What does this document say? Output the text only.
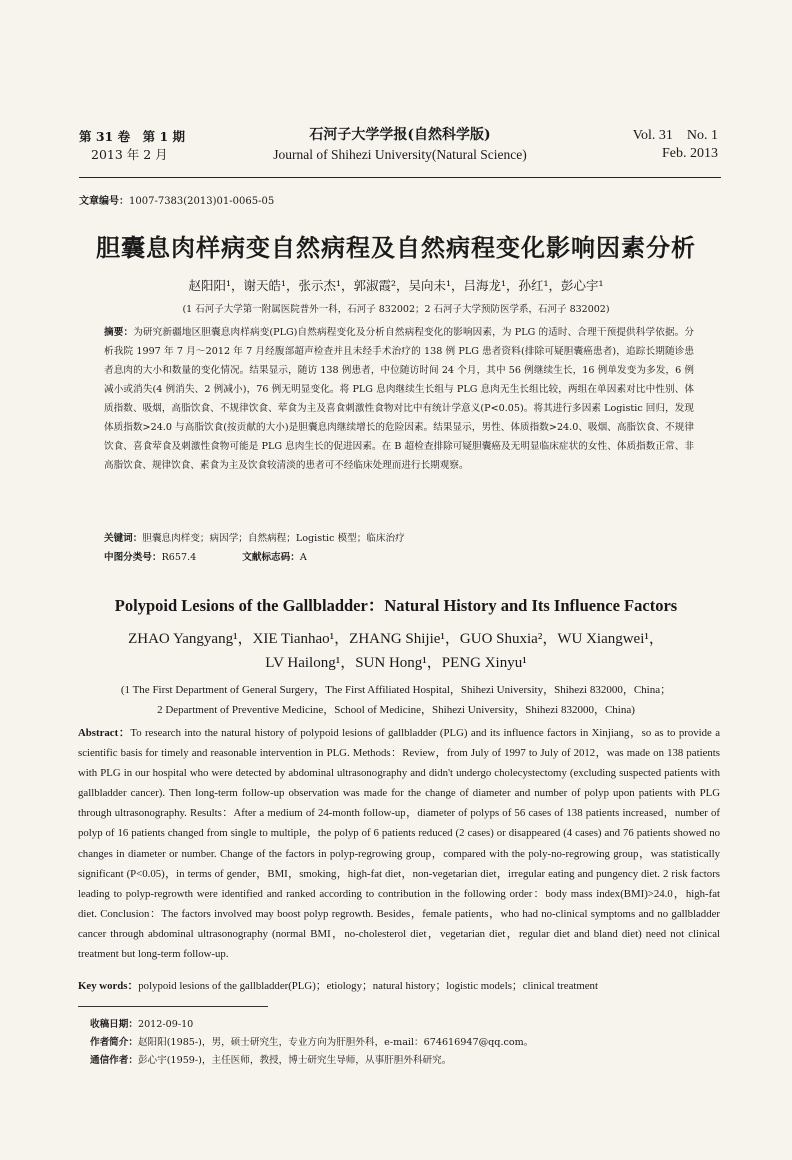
第 31 卷　第 1 期
2013 年 2 月
石河子大学学报(自然科学版)
Journal of Shihezi University(Natural Science)
Vol. 31　No. 1
Feb. 2013
文章编号：1007-7383(2013)01-0065-05
胆囊息肉样病变自然病程及自然病程变化影响因素分析
赵阳阳¹，谢天皓¹，张示杰¹，郭淑霞²，吴向未¹，吕海龙¹，孙红¹，彭心宇¹
(1 石河子大学第一附属医院普外一科，石河子 832002；2 石河子大学预防医学系，石河子 832002)
摘要：为研究新疆地区胆囊息肉样病变(PLG)自然病程变化及分析自然病程变化的影响因素，为 PLG 的适时、合理干预提供科学依据。分析我院 1997 年 7 月～2012 年 7 月经腹部超声检查并且未经手术治疗的 138 例 PLG 患者资料(排除可疑胆囊癌患者)，追踪长期随诊患者息肉的大小和数量的变化情况。结果显示，随访 138 例患者，中位随访时间 24 个月，其中 56 例继续生长，16 例单发变为多发，6 例减小或消失(4 例消失、2 例减小)，76 例无明显变化。将 PLG 息肉继续生长组与 PLG 息肉无生长组比较，两组在单因素对比中性别、体质指数、吸烟，高脂饮食、不规律饮食、荤食为主及喜食刺激性食物对比中有统计学意义(P<0.05)。将其进行多因素 Logistic 回归，发现体质指数>24.0 与高脂饮食(按贡献的大小)是胆囊息肉继续增长的危险因素。结果显示，男性、体质指数>24.0、吸烟、高脂饮食、不规律饮食、喜食荤食及刺激性食物可能是 PLG 息肉生长的促进因素。在 B 超检查排除可疑胆囊癌及无明显临床症状的女性、体质指数正常、非高脂饮食、规律饮食、素食为主及饮食较清淡的患者可不经临床处理而进行长期观察。
关键词：胆囊息肉样变；病因学；自然病程；Logistic 模型；临床治疗
中图分类号：R657.4	文献标志码：A
Polypoid Lesions of the Gallbladder：Natural History and Its Influence Factors
ZHAO Yangyang¹，XIE Tianhao¹，ZHANG Shijie¹，GUO Shuxia²，WU Xiangwei¹，
LV Hailong¹，SUN Hong¹，PENG Xinyu¹
(1 The First Department of General Surgery，The First Affiliated Hospital，Shihezi University，Shihezi 832000，China；
2 Department of Preventive Medicine，School of Medicine，Shihezi University，Shihezi 832000，China)
Abstract：To research into the natural history of polypoid lesions of gallbladder (PLG) and its influence factors in Xinjiang，so as to provide a scientific basis for timely and reasonable intervention in PLG. Methods：Review，from July of 1997 to July of 2012，was made on 138 patients with PLG in our hospital who were detected by abdominal ultrasonography and didn't undergo cholecystectomy (excluding suspected patients with gallbladder cancer). Then long-term follow-up observation was made for the change of diameter and number of polyp upon patients with PLG through ultrasonography. Results：After a medium of 24-month follow-up，diameter of polyps of 56 cases of 138 patients increased，number of polyp of 16 patients changed from single to multiple，the polyp of 6 patients reduced (2 cases) or disappeared (4 cases) and 76 patients showed no changes in diameter or number. Change of the factors in polyp-regrowing group，compared with the poly-no-regrowing group，was statistically significant (P<0.05)，in terms of gender，BMI，smoking，high-fat diet，non-vegetarian diet，irregular eating and pungency diet. 2 risk factors leading to polyp-regrowth were identified and ranked according to contribution in the following order：body mass index(BMI)>24.0，high-fat diet. Conclusion：The factors involved may boost polyp regrowth. Besides，female patients，who had no-clinical symptoms and no gallbladder cancer through abdominal ultrasonography (normal BMI，no-cholesterol diet，vegetarian diet，regular diet and bland diet) need not clinical treatment but long-term follow-up.
Key words：polypoid lesions of the gallbladder(PLG)；etiology；natural history；logistic models；clinical treatment
收稿日期：2012-09-10
作者简介：赵阳阳(1985-)，男，硕士研究生，专业方向为肝胆外科，e-mail：674616947@qq.com。
通信作者：彭心宇(1959-)，主任医师，教授，博士研究生导师，从事肝胆外科研究。
